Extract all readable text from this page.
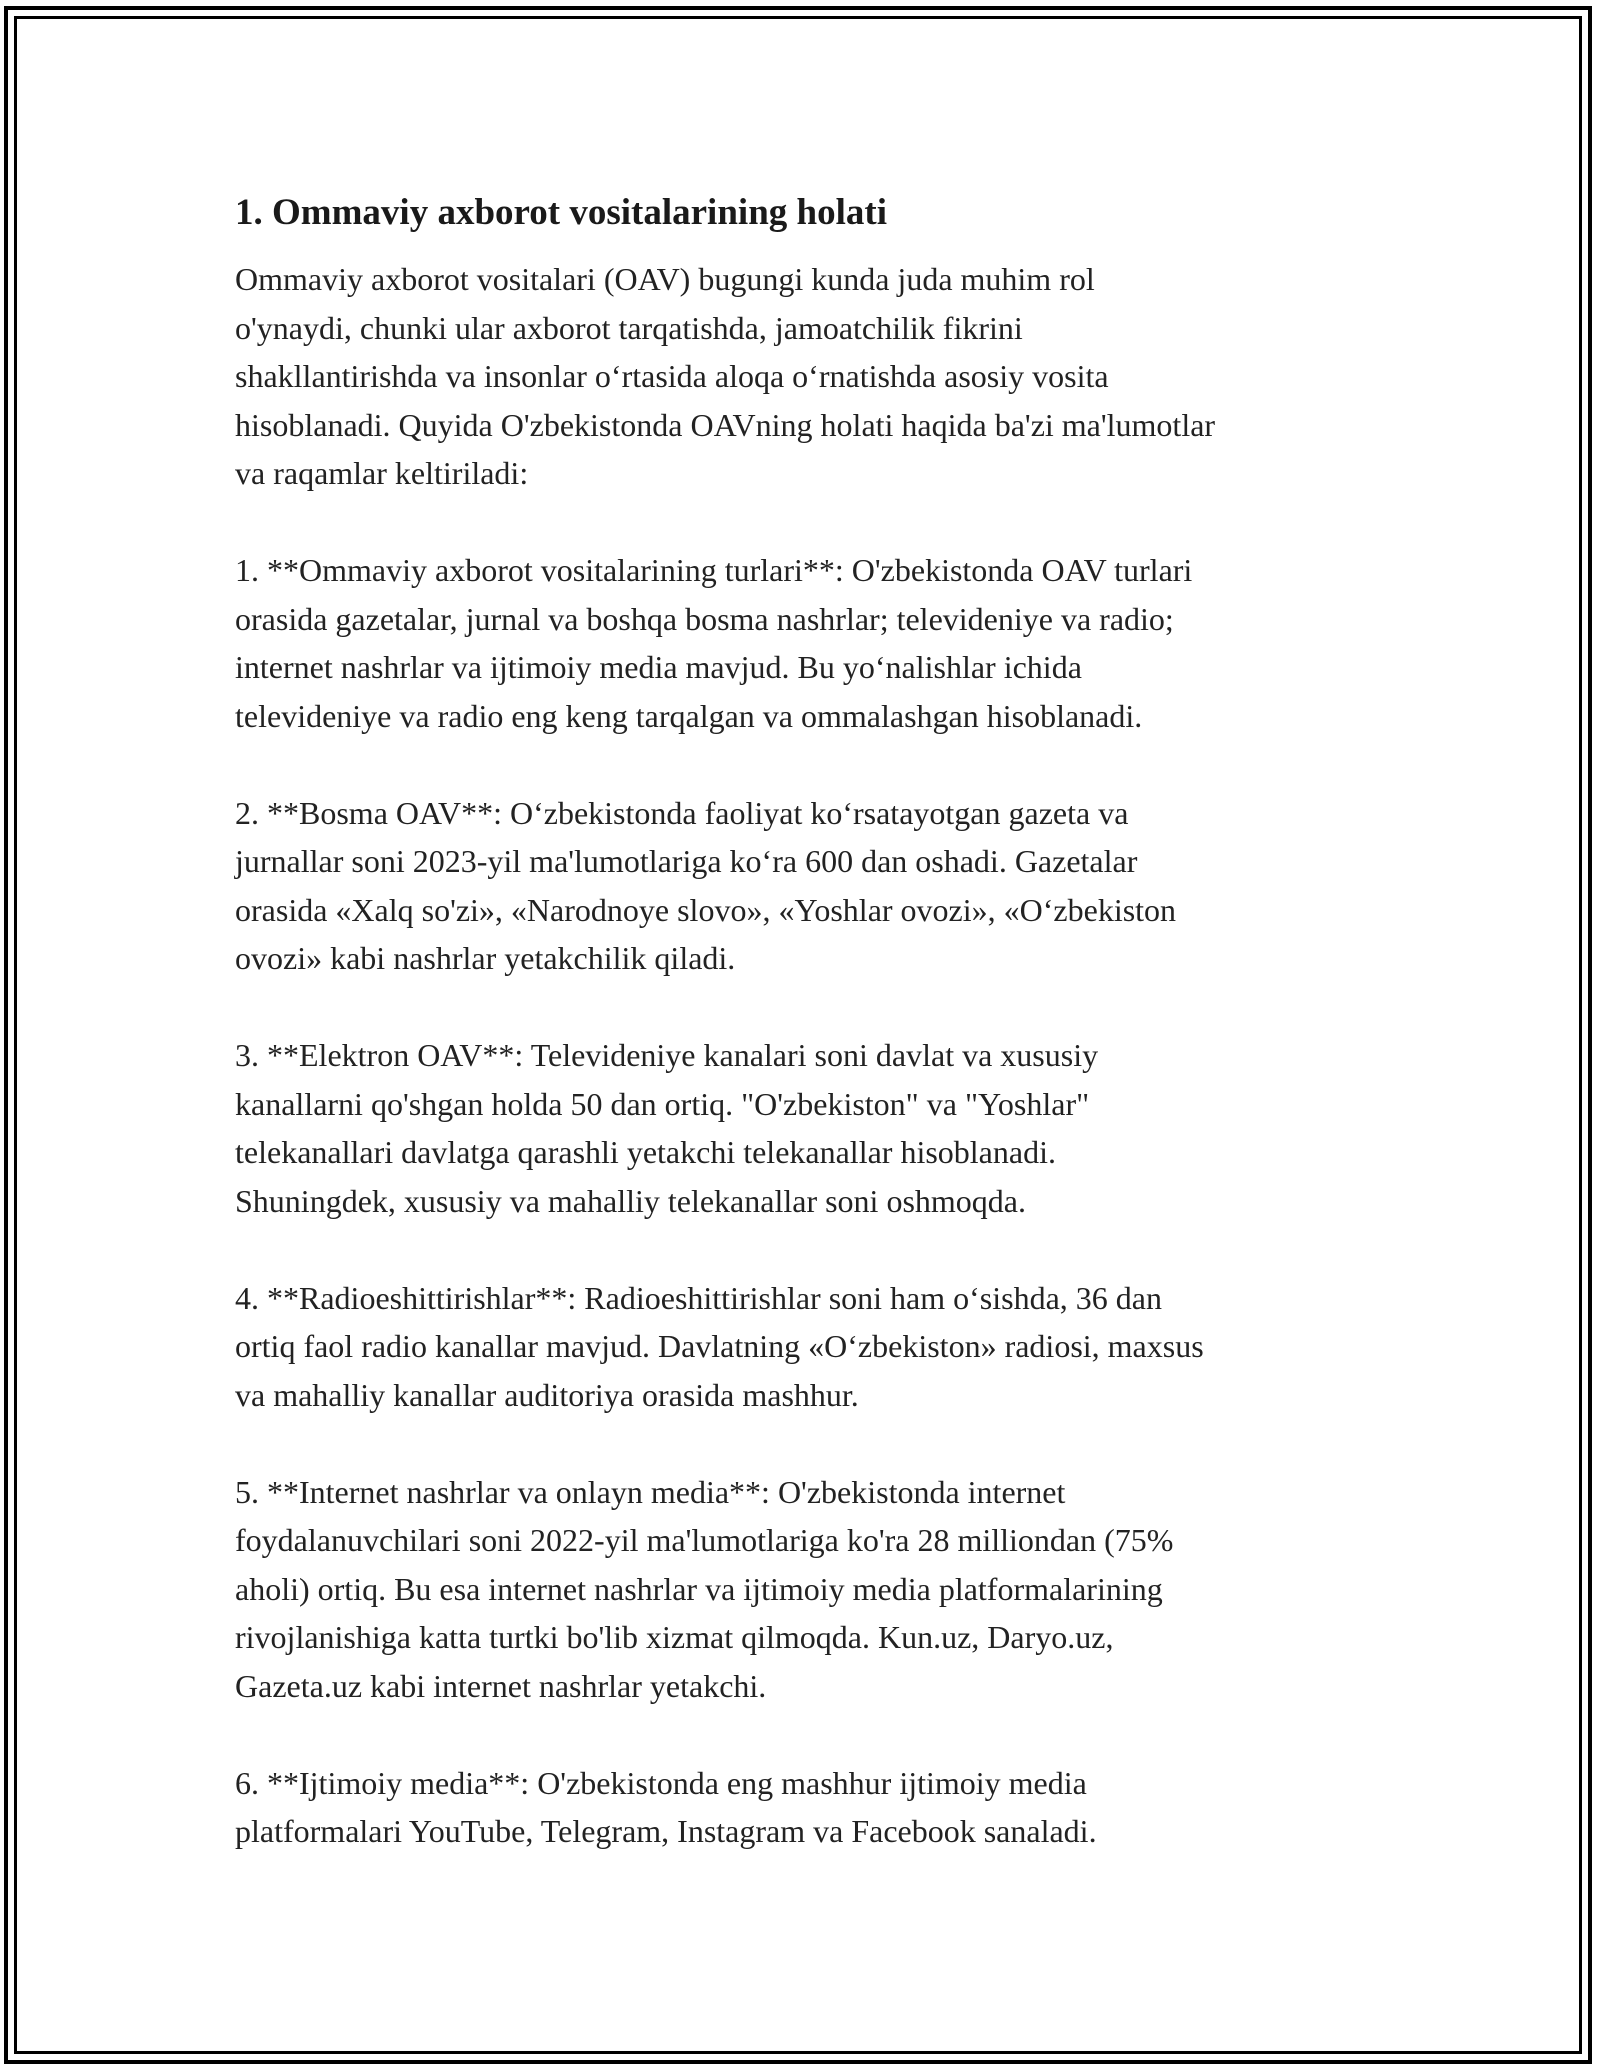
1. Ommaviy axborot vositalarining holati
Ommaviy axborot vositalari (OAV) bugungi kunda juda muhim rol
o'ynaydi, chunki ular axborot tarqatishda, jamoatchilik fikrini
shakllantirishda va insonlar o‘rtasida aloqa o‘rnatishda asosiy vosita
hisoblanadi. Quyida O'zbekistonda OAVning holati haqida ba'zi ma'lumotlar
va raqamlar keltiriladi:
1. **Ommaviy axborot vositalarining turlari**: O'zbekistonda OAV turlari
orasida gazetalar, jurnal va boshqa bosma nashrlar; televideniye va radio;
internet nashrlar va ijtimoiy media mavjud. Bu yo‘nalishlar ichida
televideniye va radio eng keng tarqalgan va ommalashgan hisoblanadi.
2. **Bosma OAV**: O‘zbekistonda faoliyat ko‘rsatayotgan gazeta va
jurnallar soni 2023-yil ma'lumotlariga ko‘ra 600 dan oshadi. Gazetalar
orasida «Xalq so'zi», «Narodnoye slovo», «Yoshlar ovozi», «O‘zbekiston
ovozi» kabi nashrlar yetakchilik qiladi.
3. **Elektron OAV**: Televideniye kanalari soni davlat va xususiy
kanallarni qo'shgan holda 50 dan ortiq. "O'zbekiston" va "Yoshlar"
telekanallari davlatga qarashli yetakchi telekanallar hisoblanadi.
Shuningdek, xususiy va mahalliy telekanallar soni oshmoqda.
4. **Radioeshittirishlar**: Radioeshittirishlar soni ham o‘sishda, 36 dan
ortiq faol radio kanallar mavjud. Davlatning «O‘zbekiston» radiosi, maxsus
va mahalliy kanallar auditoriya orasida mashhur.
5. **Internet nashrlar va onlayn media**: O'zbekistonda internet
foydalanuvchilari soni 2022-yil ma'lumotlariga ko'ra 28 milliondan (75%
aholi) ortiq. Bu esa internet nashrlar va ijtimoiy media platformalarining
rivojlanishiga katta turtki bo'lib xizmat qilmoqda. Kun.uz, Daryo.uz,
Gazeta.uz kabi internet nashrlar yetakchi.
6. **Ijtimoiy media**: O'zbekistonda eng mashhur ijtimoiy media
platformalari YouTube, Telegram, Instagram va Facebook sanaladi.
